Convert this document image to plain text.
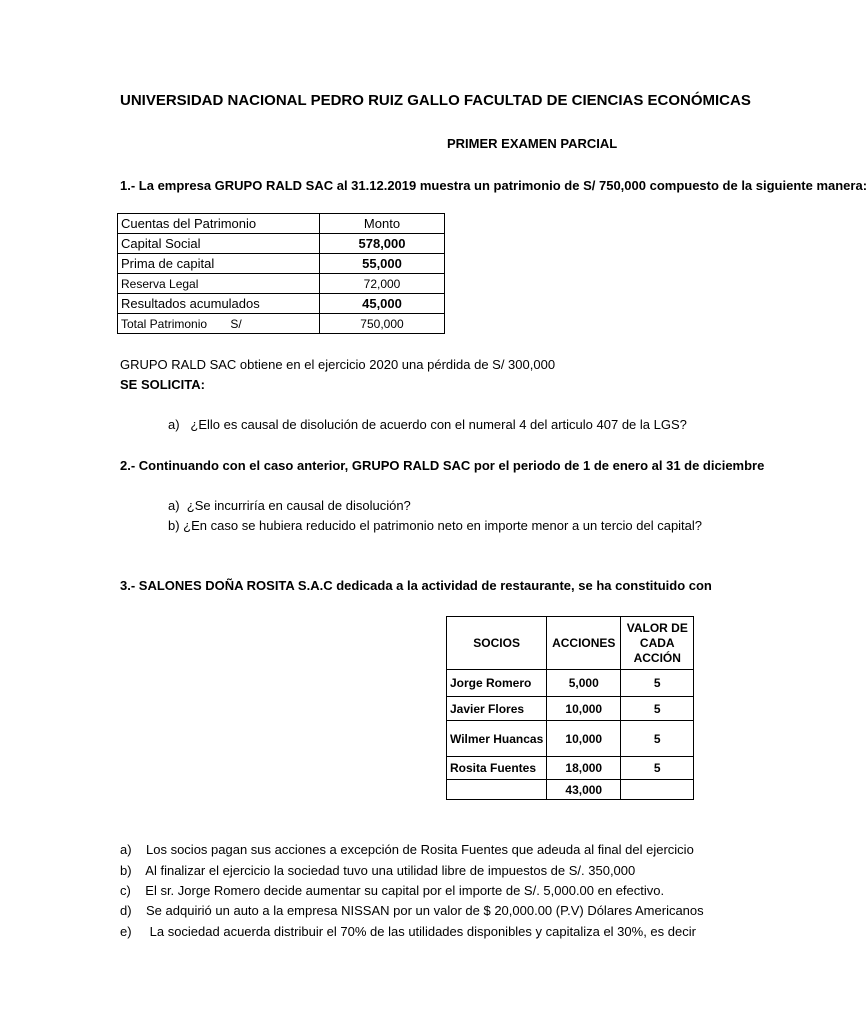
UNIVERSIDAD NACIONAL PEDRO RUIZ GALLO FACULTAD DE CIENCIAS ECONÓMICAS
PRIMER EXAMEN PARCIAL
1.- La empresa GRUPO RALD SAC al 31.12.2019 muestra un patrimonio de S/ 750,000 compuesto de la siguiente manera:
Cuentas del Patrimonio	Monto
Capital Social	578,000
Prima de capital	55,000
Reserva Legal	72,000
Resultados acumulados	45,000
Total Patrimonio       S/	750,000
GRUPO RALD SAC obtiene en el ejercicio 2020 una pérdida de S/ 300,000
SE SOLICITA:
a)   ¿Ello es causal de disolución de acuerdo con el numeral 4 del articulo 407 de la LGS?
2.- Continuando con el caso anterior, GRUPO RALD SAC por el periodo de 1 de enero al 31 de diciembre
a)  ¿Se incurriría en causal de disolución?
b) ¿En caso se hubiera reducido el patrimonio neto en importe menor a un tercio del capital?
3.- SALONES DOÑA ROSITA S.A.C dedicada a la actividad de restaurante, se ha constituido con
SOCIOS	ACCIONES	VALOR DE CADA ACCIÓN
Jorge Romero	5,000	5
Javier Flores	10,000	5
Wilmer Huancas	10,000	5
Rosita Fuentes	18,000	5
	43,000	
a)    Los socios pagan sus acciones a excepción de Rosita Fuentes que adeuda al final del ejercicio
b)    Al finalizar el ejercicio la sociedad tuvo una utilidad libre de impuestos de S/. 350,000
c)    El sr. Jorge Romero decide aumentar su capital por el importe de S/. 5,000.00 en efectivo.
d)    Se adquirió un auto a la empresa NISSAN por un valor de $ 20,000.00 (P.V) Dólares Americanos
e)     La sociedad acuerda distribuir el 70% de las utilidades disponibles y capitaliza el 30%, es decir
